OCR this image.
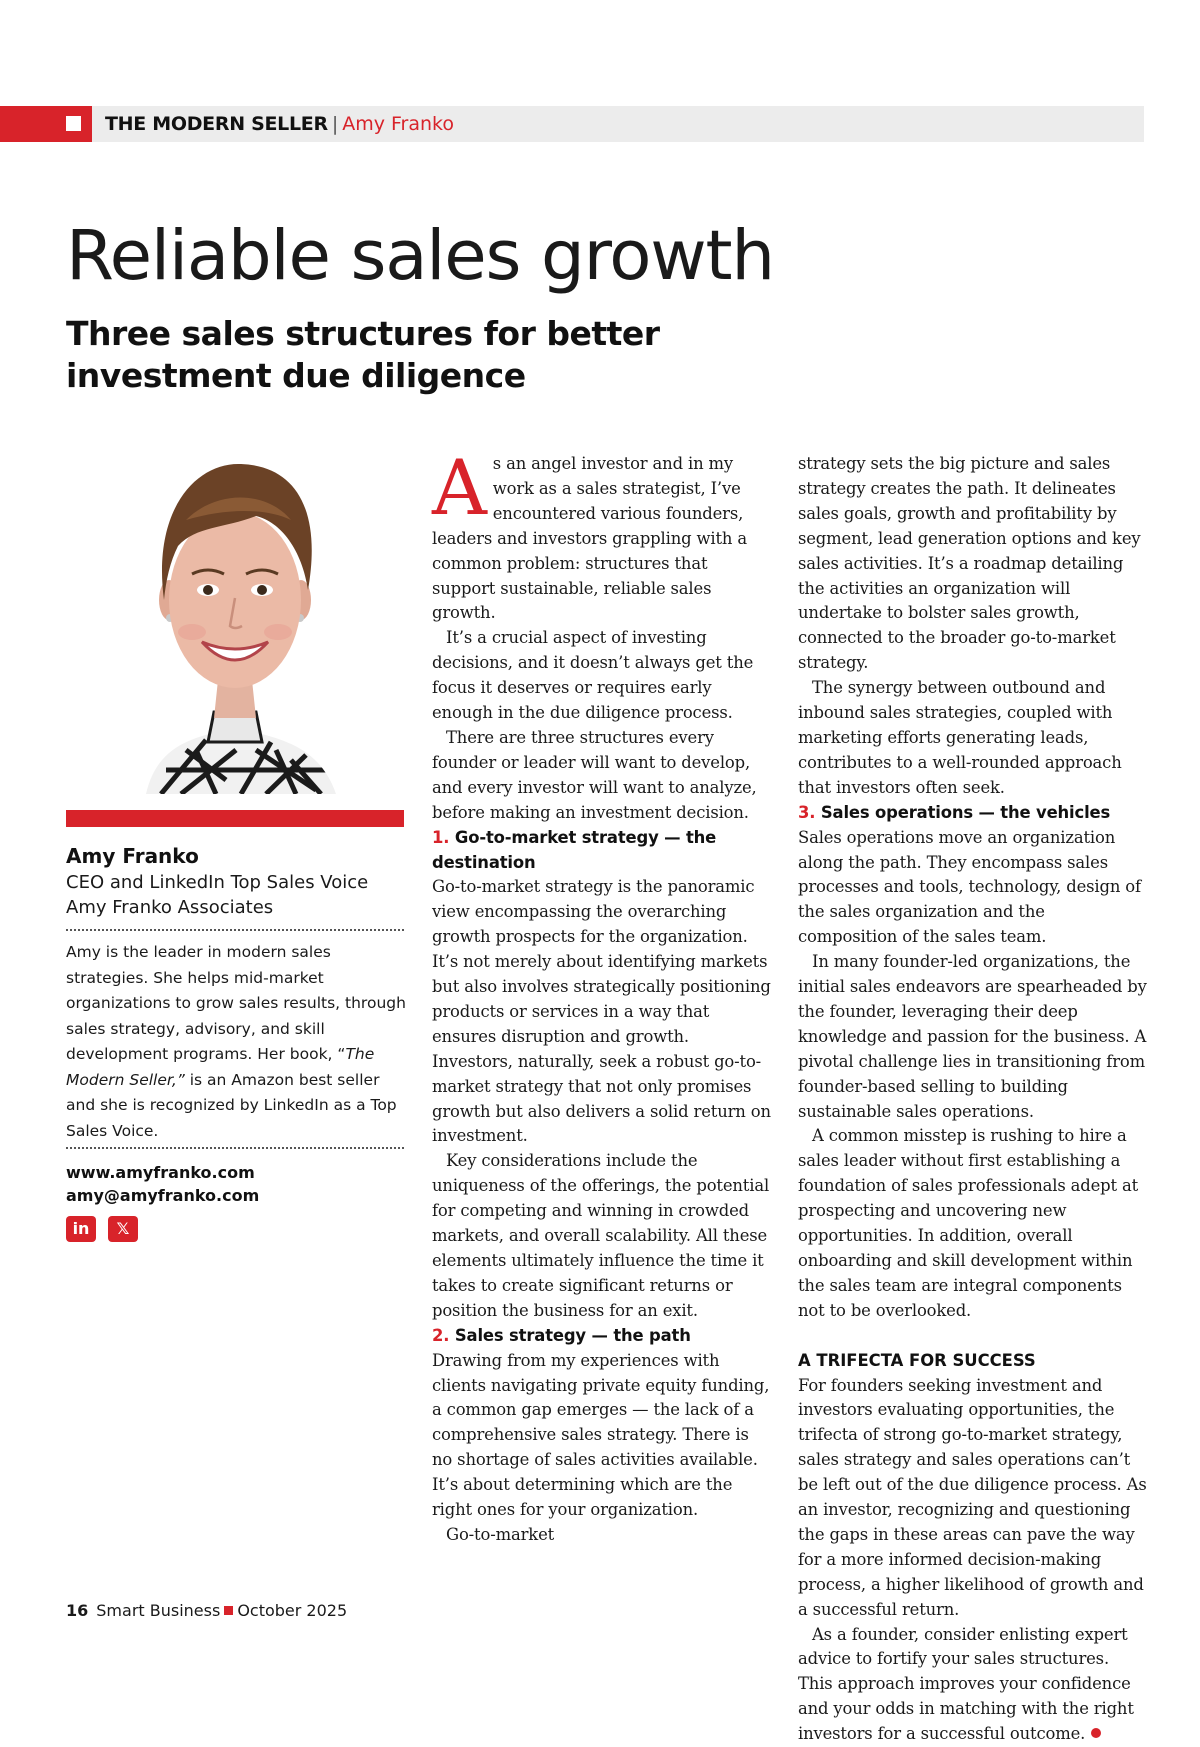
THE MODERN SELLER | Amy Franko
Reliable sales growth
Three sales structures for better investment due diligence
Amy Franko
CEO and LinkedIn Top Sales Voice
Amy Franko Associates
Amy is the leader in modern sales strategies. She helps mid-market organizations to grow sales results, through sales strategy, advisory, and skill development programs. Her book, “The Modern Seller,” is an Amazon best seller and she is recognized by LinkedIn as a Top Sales Voice.
www.amyfranko.com
amy@amyfranko.com
in	𝕏

As an angel investor and in my work as a sales strategist, I’ve encountered various founders, leaders and investors grappling with a common problem: structures that support sustainable, reliable sales growth.

It’s a crucial aspect of investing decisions, and it doesn’t always get the focus it deserves or requires early enough in the due diligence process.

There are three structures every founder or leader will want to develop, and every investor will want to analyze, before making an investment decision.

1. Go-to-market strategy — the destination

Go-to-market strategy is the panoramic view encompassing the overarching growth prospects for the organization. It’s not merely about identifying markets but also involves strategically positioning products or services in a way that ensures disruption and growth. Investors, naturally, seek a robust go-to-market strategy that not only promises growth but also delivers a solid return on investment.

Key considerations include the uniqueness of the offerings, the potential for competing and winning in crowded markets, and overall scalability. All these elements ultimately influence the time it takes to create significant returns or position the business for an exit.

2. Sales strategy — the path

Drawing from my experiences with clients navigating private equity funding, a common gap emerges — the lack of a comprehensive sales strategy. There is no shortage of sales activities available. It’s about determining which are the right ones for your organization.

Go-to-market

strategy sets the big picture and sales strategy creates the path. It delineates sales goals, growth and profitability by segment, lead generation options and key sales activities. It’s a roadmap detailing the activities an organization will undertake to bolster sales growth, connected to the broader go-to-market strategy.

The synergy between outbound and inbound sales strategies, coupled with marketing efforts generating leads, contributes to a well-rounded approach that investors often seek.

3. Sales operations — the vehicles

Sales operations move an organization along the path. They encompass sales processes and tools, technology, design of the sales organization and the composition of the sales team.

In many founder-led organizations, the initial sales endeavors are spearheaded by the founder, leveraging their deep knowledge and passion for the business. A pivotal challenge lies in transitioning from founder-based selling to building sustainable sales operations.

A common misstep is rushing to hire a sales leader without first establishing a foundation of sales professionals adept at prospecting and uncovering new opportunities. In addition, overall onboarding and skill development within the sales team are integral components not to be overlooked.

A TRIFECTA FOR SUCCESS

For founders seeking investment and investors evaluating opportunities, the trifecta of strong go-to-market strategy, sales strategy and sales operations can’t be left out of the due diligence process. As an investor, recognizing and questioning the gaps in these areas can pave the way for a more informed decision-making process, a higher likelihood of growth and a successful return.

As a founder, consider enlisting expert advice to fortify your sales structures. This approach improves your confidence and your odds in matching with the right investors for a successful outcome.

16 Smart Business October 2025
